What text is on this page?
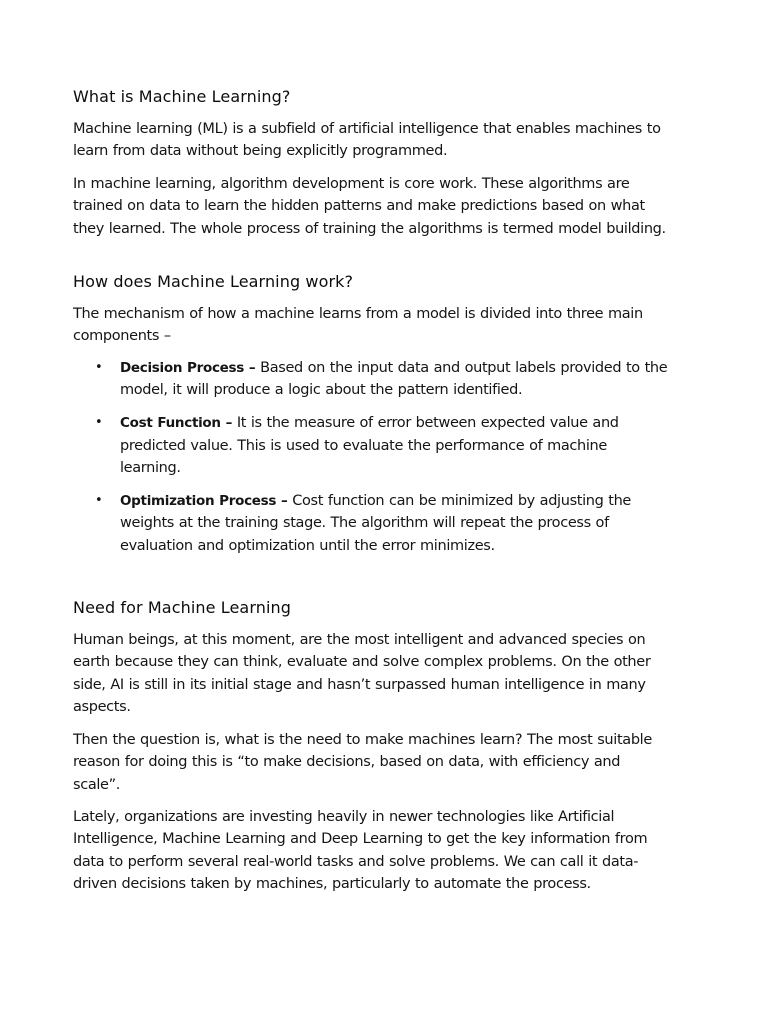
What is Machine Learning?

Machine learning (ML) is a subfield of artificial intelligence that enables machines to learn from data without being explicitly programmed.

In machine learning, algorithm development is core work. These algorithms are trained on data to learn the hidden patterns and make predictions based on what they learned. The whole process of training the algorithms is termed model building.

How does Machine Learning work?

The mechanism of how a machine learns from a model is divided into three main components –

• Decision Process – Based on the input data and output labels provided to the model, it will produce a logic about the pattern identified.
• Cost Function – It is the measure of error between expected value and predicted value. This is used to evaluate the performance of machine learning.
• Optimization Process – Cost function can be minimized by adjusting the weights at the training stage. The algorithm will repeat the process of evaluation and optimization until the error minimizes.
Need for Machine Learning

Human beings, at this moment, are the most intelligent and advanced species on earth because they can think, evaluate and solve complex problems. On the other side, AI is still in its initial stage and hasn’t surpassed human intelligence in many aspects.

Then the question is, what is the need to make machines learn? The most suitable reason for doing this is “to make decisions, based on data, with efficiency and scale”.

Lately, organizations are investing heavily in newer technologies like Artificial Intelligence, Machine Learning and Deep Learning to get the key information from data to perform several real-world tasks and solve problems. We can call it data-driven decisions taken by machines, particularly to automate the process.
